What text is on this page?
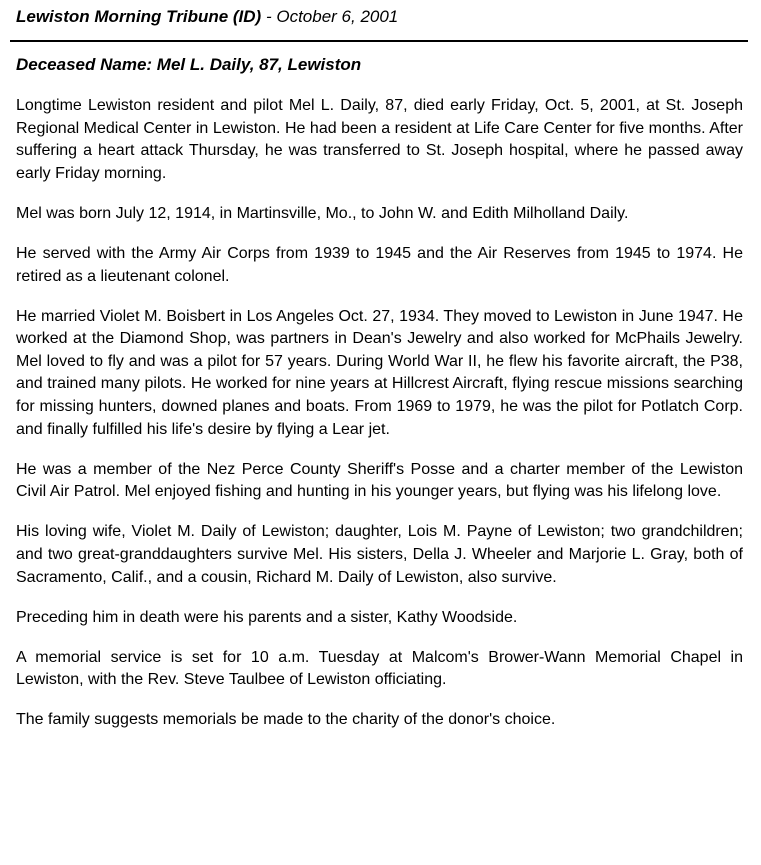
Lewiston Morning Tribune (ID) - October 6, 2001
Deceased Name: Mel L. Daily, 87, Lewiston

Longtime Lewiston resident and pilot Mel L. Daily, 87, died early Friday, Oct. 5, 2001, at St. Joseph Regional Medical Center in Lewiston. He had been a resident at Life Care Center for five months. After suffering a heart attack Thursday, he was transferred to St. Joseph hospital, where he passed away early Friday morning.

Mel was born July 12, 1914, in Martinsville, Mo., to John W. and Edith Milholland Daily.

He served with the Army Air Corps from 1939 to 1945 and the Air Reserves from 1945 to 1974. He retired as a lieutenant colonel.

He married Violet M. Boisbert in Los Angeles Oct. 27, 1934. They moved to Lewiston in June 1947. He worked at the Diamond Shop, was partners in Dean's Jewelry and also worked for McPhails Jewelry. Mel loved to fly and was a pilot for 57 years. During World War II, he flew his favorite aircraft, the P38, and trained many pilots. He worked for nine years at Hillcrest Aircraft, flying rescue missions searching for missing hunters, downed planes and boats. From 1969 to 1979, he was the pilot for Potlatch Corp. and finally fulfilled his life's desire by flying a Lear jet.

He was a member of the Nez Perce County Sheriff's Posse and a charter member of the Lewiston Civil Air Patrol. Mel enjoyed fishing and hunting in his younger years, but flying was his lifelong love.

His loving wife, Violet M. Daily of Lewiston; daughter, Lois M. Payne of Lewiston; two grandchildren; and two great-granddaughters survive Mel. His sisters, Della J. Wheeler and Marjorie L. Gray, both of Sacramento, Calif., and a cousin, Richard M. Daily of Lewiston, also survive.

Preceding him in death were his parents and a sister, Kathy Woodside.

A memorial service is set for 10 a.m. Tuesday at Malcom's Brower-Wann Memorial Chapel in Lewiston, with the Rev. Steve Taulbee of Lewiston officiating.

The family suggests memorials be made to the charity of the donor's choice.
